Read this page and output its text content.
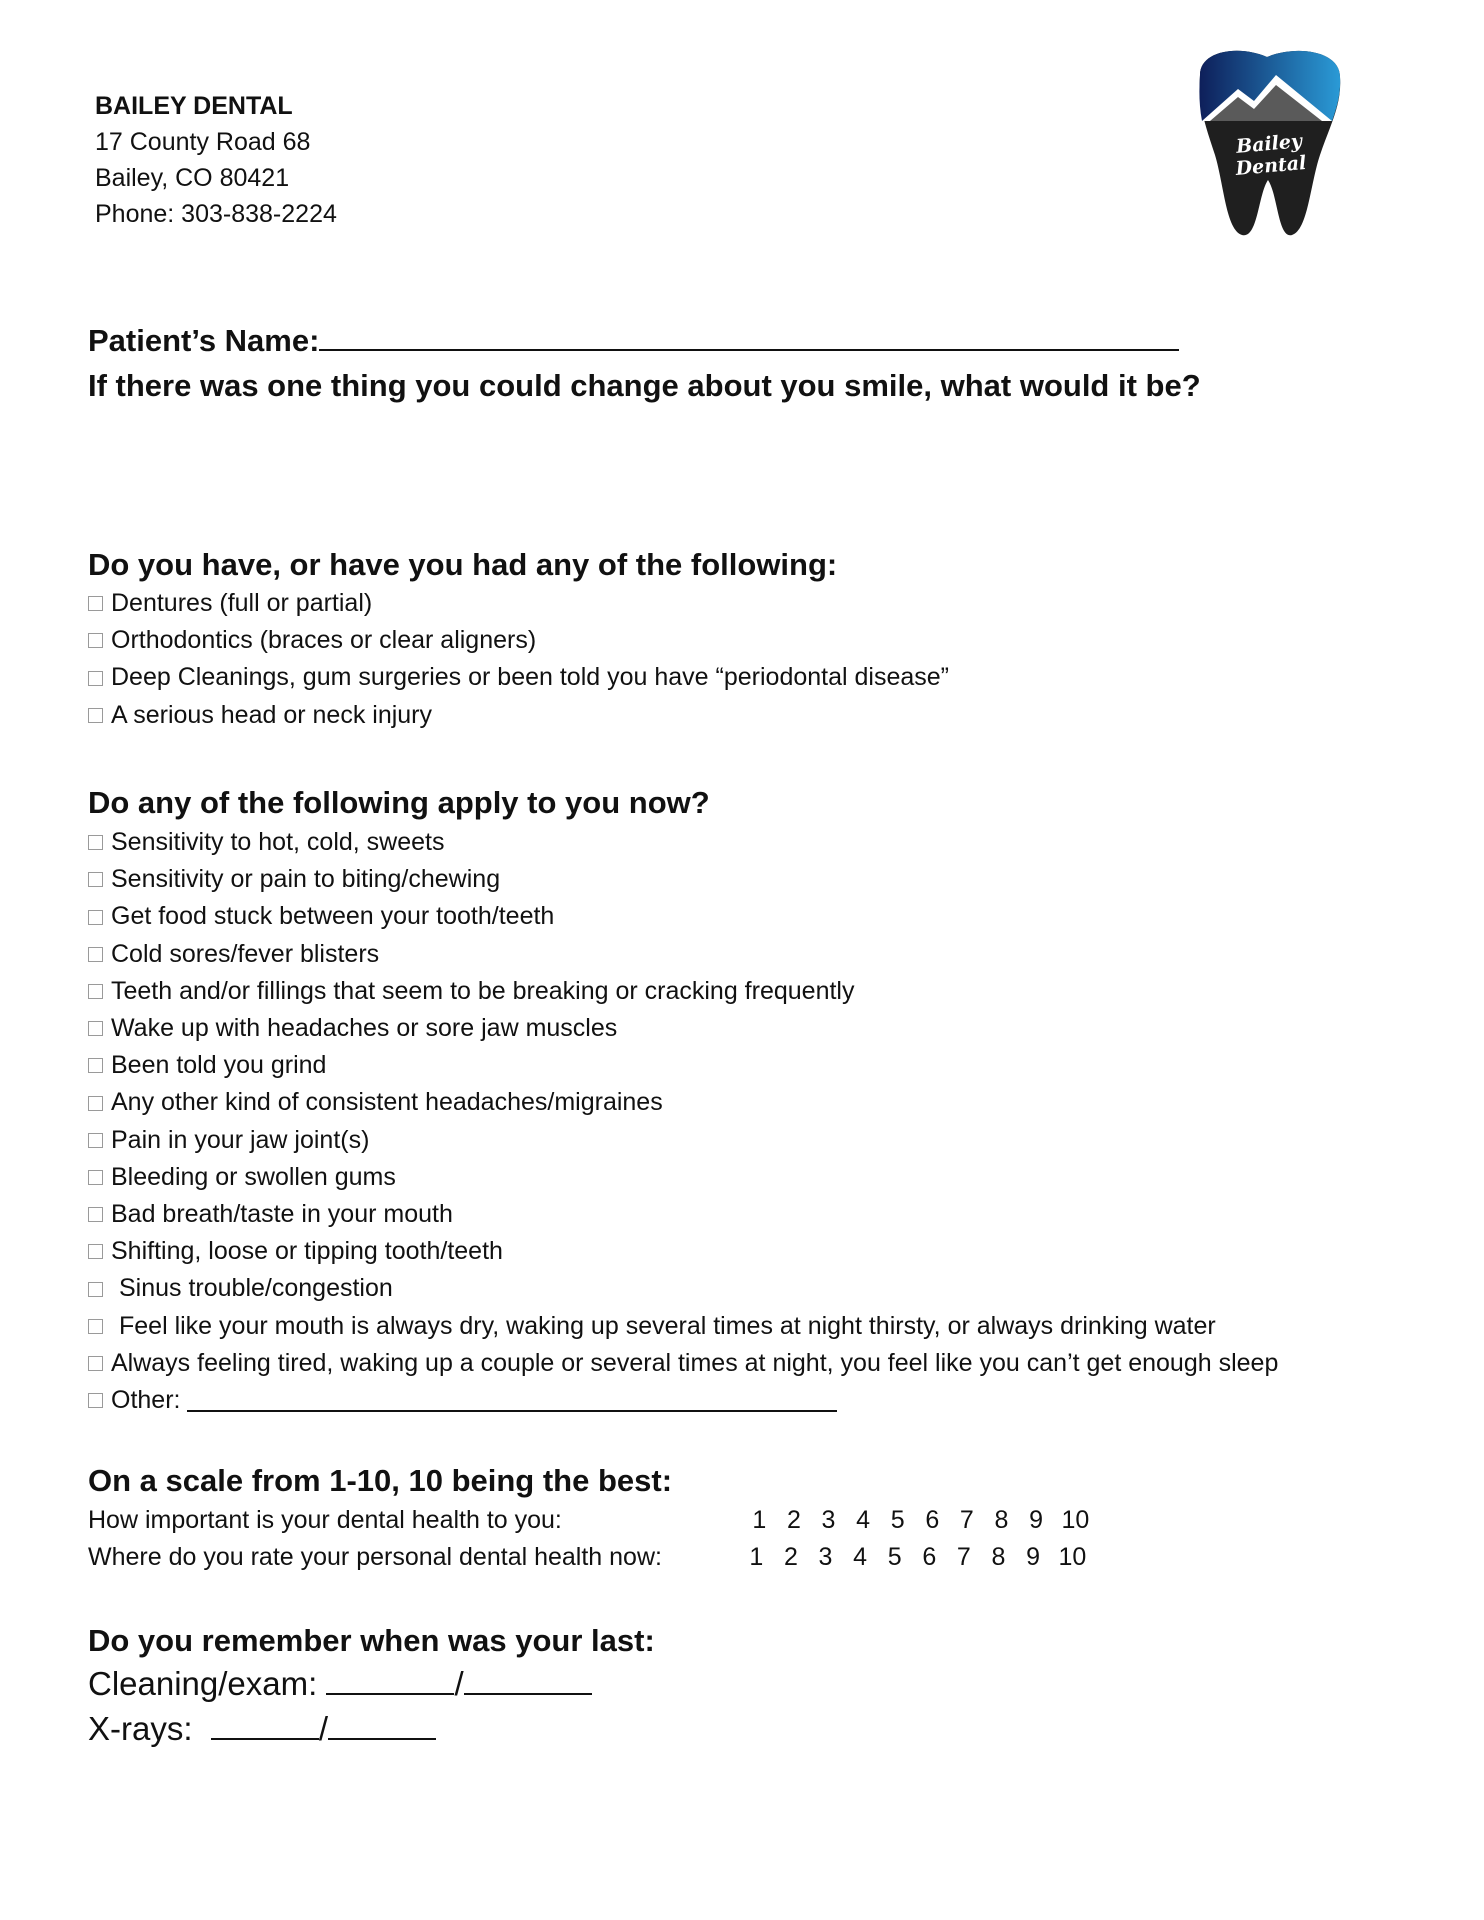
BAILEY DENTAL
17 County Road 68
Bailey, CO 80421
Phone: 303-838-2224
Bailey Dental
Patient’s Name:
If there was one thing you could change about you smile, what would it be?
Do you have, or have you had any of the following:
Dentures (full or partial)
Orthodontics (braces or clear aligners)
Deep Cleanings, gum surgeries or been told you have “periodontal disease”
A serious head or neck injury
Do any of the following apply to you now?
Sensitivity to hot, cold, sweets
Sensitivity or pain to biting/chewing
Get food stuck between your tooth/teeth
Cold sores/fever blisters
Teeth and/or fillings that seem to be breaking or cracking frequently
Wake up with headaches or sore jaw muscles
Been told you grind
Any other kind of consistent headaches/migraines
Pain in your jaw joint(s)
Bleeding or swollen gums
Bad breath/taste in your mouth
Shifting, loose or tipping tooth/teeth
Sinus trouble/congestion
Feel like your mouth is always dry, waking up several times at night thirsty, or always drinking water
Always feeling tired, waking up a couple or several times at night, you feel like you can’t get enough sleep
Other:

On a scale from 1-10, 10 being the best:
How important is your dental health to you:	1 2 3 4 5 6 7 8 9 10
Where do you rate your personal dental health now:	1 2 3 4 5 6 7 8 9 10
Do you remember when was your last:
Cleaning/exam:	/
X-rays:	/
